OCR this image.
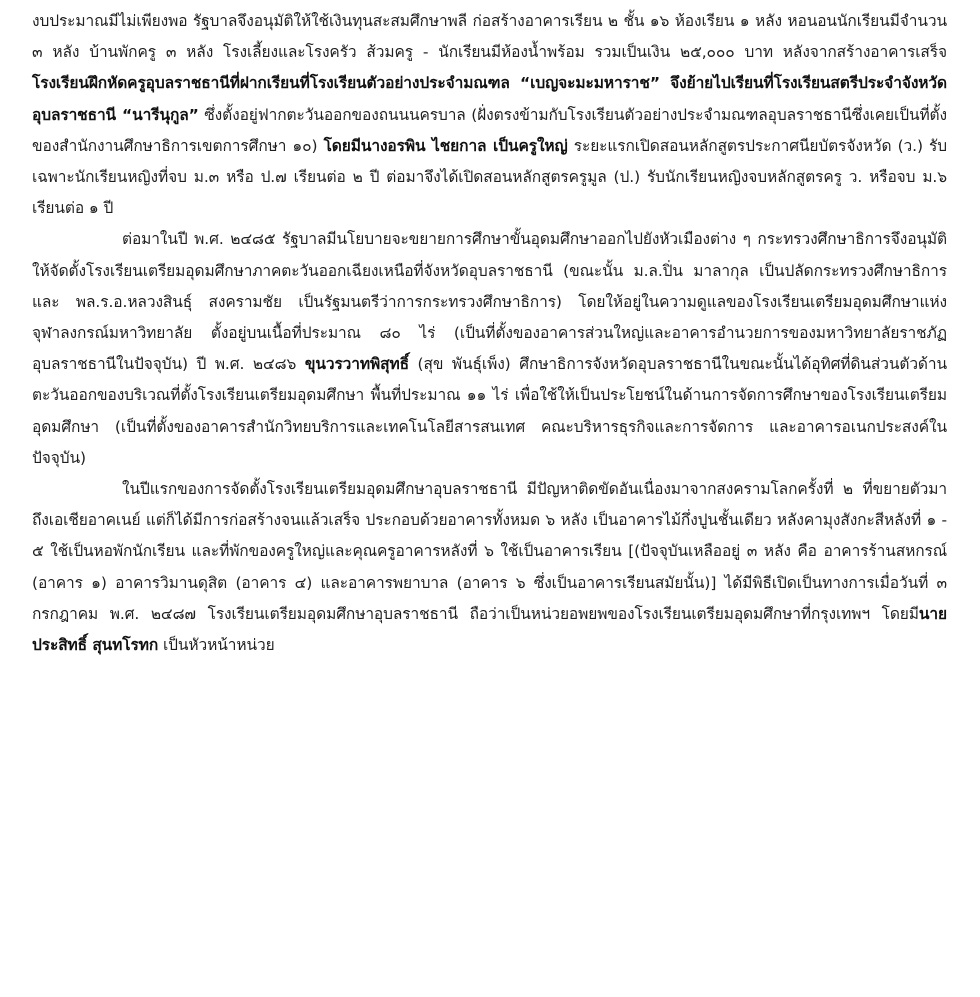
งบประมาณมีไม่เพียงพอ รัฐบาลจึงอนุมัติให้ใช้เงินทุนสะสมศึกษาพลี ก่อสร้างอาคารเรียน ๒ ชั้น ๑๖ ห้องเรียน ๑ หลัง หอนอนนักเรียนมีจำนวน ๓ หลัง บ้านพักครู ๓ หลัง โรงเลี้ยงและโรงครัว ส้วมครู - นักเรียนมีห้องน้ำพร้อม รวมเป็นเงิน ๒๕,๐๐๐ บาท หลังจากสร้างอาคารเสร็จ โรงเรียนฝึกหัดครูอุบลราชธานีที่ฝากเรียนที่โรงเรียนตัวอย่างประจำมณฑล “เบญจะมะมหาราช” จึงย้ายไปเรียนที่โรงเรียนสตรีประจำจังหวัดอุบลราชธานี “นารีนุกูล” ซึ่งตั้งอยู่ฟากตะวันออกของถนนนครบาล (ฝั่งตรงข้ามกับโรงเรียนตัวอย่างประจำมณฑลอุบลราชธานีซึ่งเคยเป็นที่ตั้งของสำนักงานศึกษาธิการเขตการศึกษา ๑๐) โดยมีนางอรพิน ไชยกาล เป็นครูใหญ่ ระยะแรกเปิดสอนหลักสูตรประกาศนียบัตรจังหวัด (ว.) รับเฉพาะนักเรียนหญิงที่จบ ม.๓ หรือ ป.๗ เรียนต่อ ๒ ปี ต่อมาจึงได้เปิดสอนหลักสูตรครูมูล (ป.) รับนักเรียนหญิงจบหลักสูตรครู ว. หรือจบ ม.๖ เรียนต่อ ๑ ปี

ต่อมาในปี พ.ศ. ๒๔๘๕ รัฐบาลมีนโยบายจะขยายการศึกษาขั้นอุดมศึกษาออกไปยังหัวเมืองต่าง ๆ กระทรวงศึกษาธิการจึงอนุมัติให้จัดตั้งโรงเรียนเตรียมอุดมศึกษาภาคตะวันออกเฉียงเหนือที่จังหวัดอุบลราชธานี (ขณะนั้น ม.ล.ปิ่น มาลากุล เป็นปลัดกระทรวงศึกษาธิการ และ พล.ร.อ.หลวงสินธุ์ สงครามชัย เป็นรัฐมนตรีว่าการกระทรวงศึกษาธิการ) โดยให้อยู่ในความดูแลของโรงเรียนเตรียมอุดมศึกษาแห่งจุฬาลงกรณ์มหาวิทยาลัย ตั้งอยู่บนเนื้อที่ประมาณ ๘๐ ไร่ (เป็นที่ตั้งของอาคารส่วนใหญ่และอาคารอำนวยการของมหาวิทยาลัยราชภัฏอุบลราชธานีในปัจจุบัน) ปี พ.ศ. ๒๔๘๖ ขุนวรวาทพิสุทธิ์ (สุข พันธุ์เพ็ง) ศึกษาธิการจังหวัดอุบลราชธานีในขณะนั้นได้อุทิศที่ดินส่วนตัวด้านตะวันออกของบริเวณที่ตั้งโรงเรียนเตรียมอุดมศึกษา พื้นที่ประมาณ ๑๑ ไร่ เพื่อใช้ให้เป็นประโยชน์ในด้านการจัดการศึกษาของโรงเรียนเตรียมอุดมศึกษา (เป็นที่ตั้งของอาคารสำนักวิทยบริการและเทคโนโลยีสารสนเทศ คณะบริหารธุรกิจและการจัดการ และอาคารอเนกประสงค์ในปัจจุบัน)

ในปีแรกของการจัดตั้งโรงเรียนเตรียมอุดมศึกษาอุบลราชธานี มีปัญหาติดขัดอันเนื่องมาจากสงครามโลกครั้งที่ ๒ ที่ขยายตัวมาถึงเอเชียอาคเนย์ แต่ก็ได้มีการก่อสร้างจนแล้วเสร็จ ประกอบด้วยอาคารทั้งหมด ๖ หลัง เป็นอาคารไม้กึ่งปูนชั้นเดียว หลังคามุงสังกะสีหลังที่ ๑ - ๕ ใช้เป็นหอพักนักเรียน และที่พักของครูใหญ่และคุณครูอาคารหลังที่ ๖ ใช้เป็นอาคารเรียน [(ปัจจุบันเหลืออยู่ ๓ หลัง คือ อาคารร้านสหกรณ์ (อาคาร ๑) อาคารวิมานดุสิต (อาคาร ๔) และอาคารพยาบาล (อาคาร ๖ ซึ่งเป็นอาคารเรียนสมัยนั้น)] ได้มีพิธีเปิดเป็นทางการเมื่อวันที่ ๓ กรกฎาคม พ.ศ. ๒๔๘๗ โรงเรียนเตรียมอุดมศึกษาอุบลราชธานี ถือว่าเป็นหน่วยอพยพของโรงเรียนเตรียมอุดมศึกษาที่กรุงเทพฯ โดยมีนายประสิทธิ์ สุนทโรทก เป็นหัวหน้าหน่วย
